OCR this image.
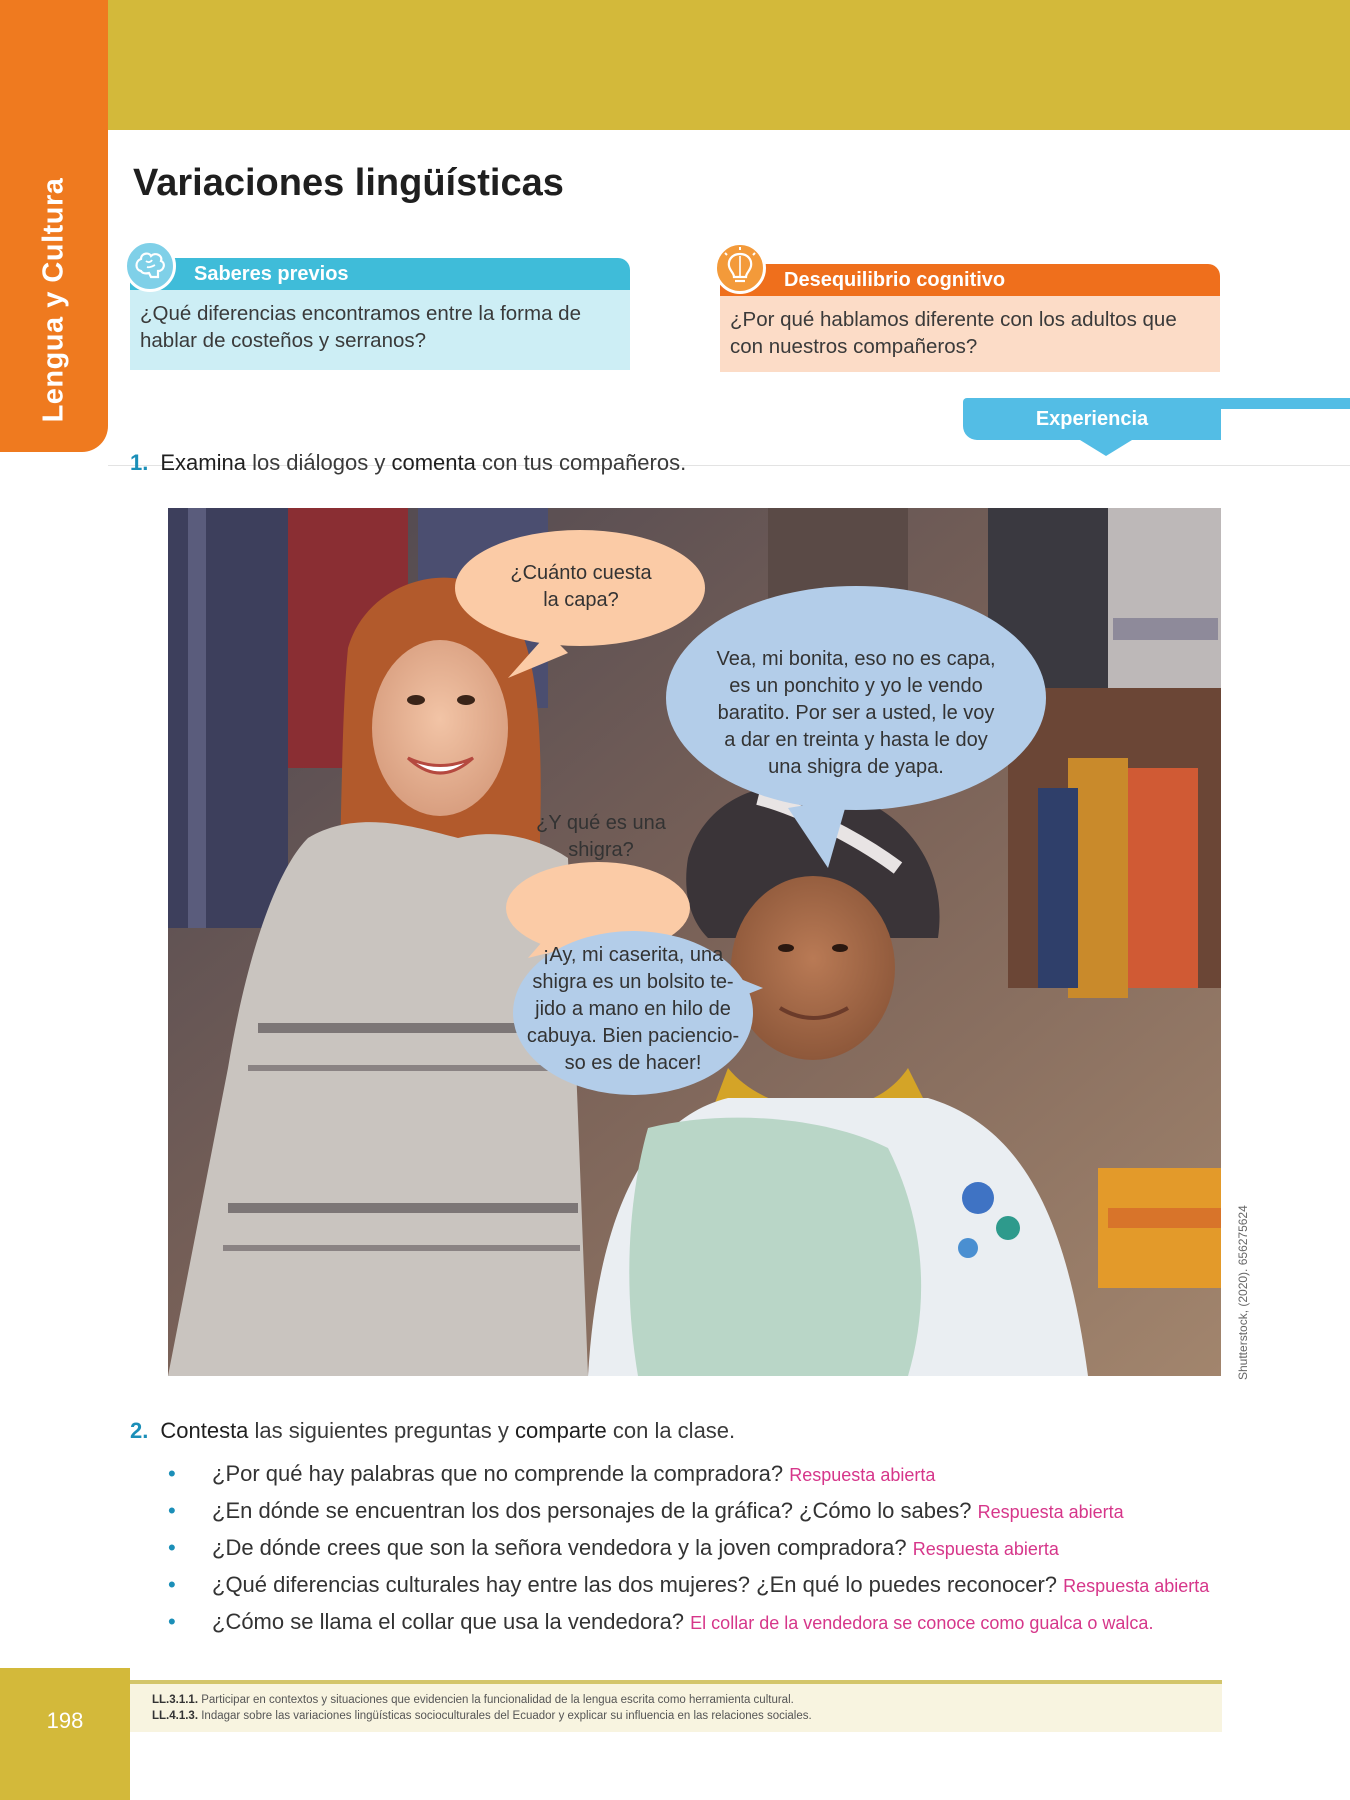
Lengua y Cultura Variaciones lingüísticas
Saberes previos
¿Qué diferencias encontramos entre la forma de hablar de costeños y serranos?
Desequilibrio cognitivo
¿Por qué hablamos diferente con los adultos que con nuestros compañeros?
Experiencia
1. Examina los diálogos y comenta con tus compañeros.
¿Cuánto cuesta
la capa?
Vea, mi bonita, eso no es capa,
es un ponchito y yo le vendo
baratito. Por ser a usted, le voy
a dar en treinta y hasta le doy
una shigra de yapa.
¿Y qué es una
shigra?
¡Ay, mi caserita, una
shigra es un bolsito te-
jido a mano en hilo de
cabuya. Bien paciencio-
so es de hacer!
Shutterstock, (2020). 656275624
2. Contesta las siguientes preguntas y comparte con la clase.
• ¿Por qué hay palabras que no comprende la compradora? Respuesta abierta
• ¿En dónde se encuentran los dos personajes de la gráfica? ¿Cómo lo sabes? Respuesta abierta
• ¿De dónde crees que son la señora vendedora y la joven compradora? Respuesta abierta
• ¿Qué diferencias culturales hay entre las dos mujeres? ¿En qué lo puedes reconocer? Respuesta abierta
• ¿Cómo se llama el collar que usa la vendedora? El collar de la vendedora se conoce como gualca o walca.
198
LL.3.1.1. Participar en contextos y situaciones que evidencien la funcionalidad de la lengua escrita como herramienta cultural.
LL.4.1.3. Indagar sobre las variaciones lingüísticas socioculturales del Ecuador y explicar su influencia en las relaciones sociales.
